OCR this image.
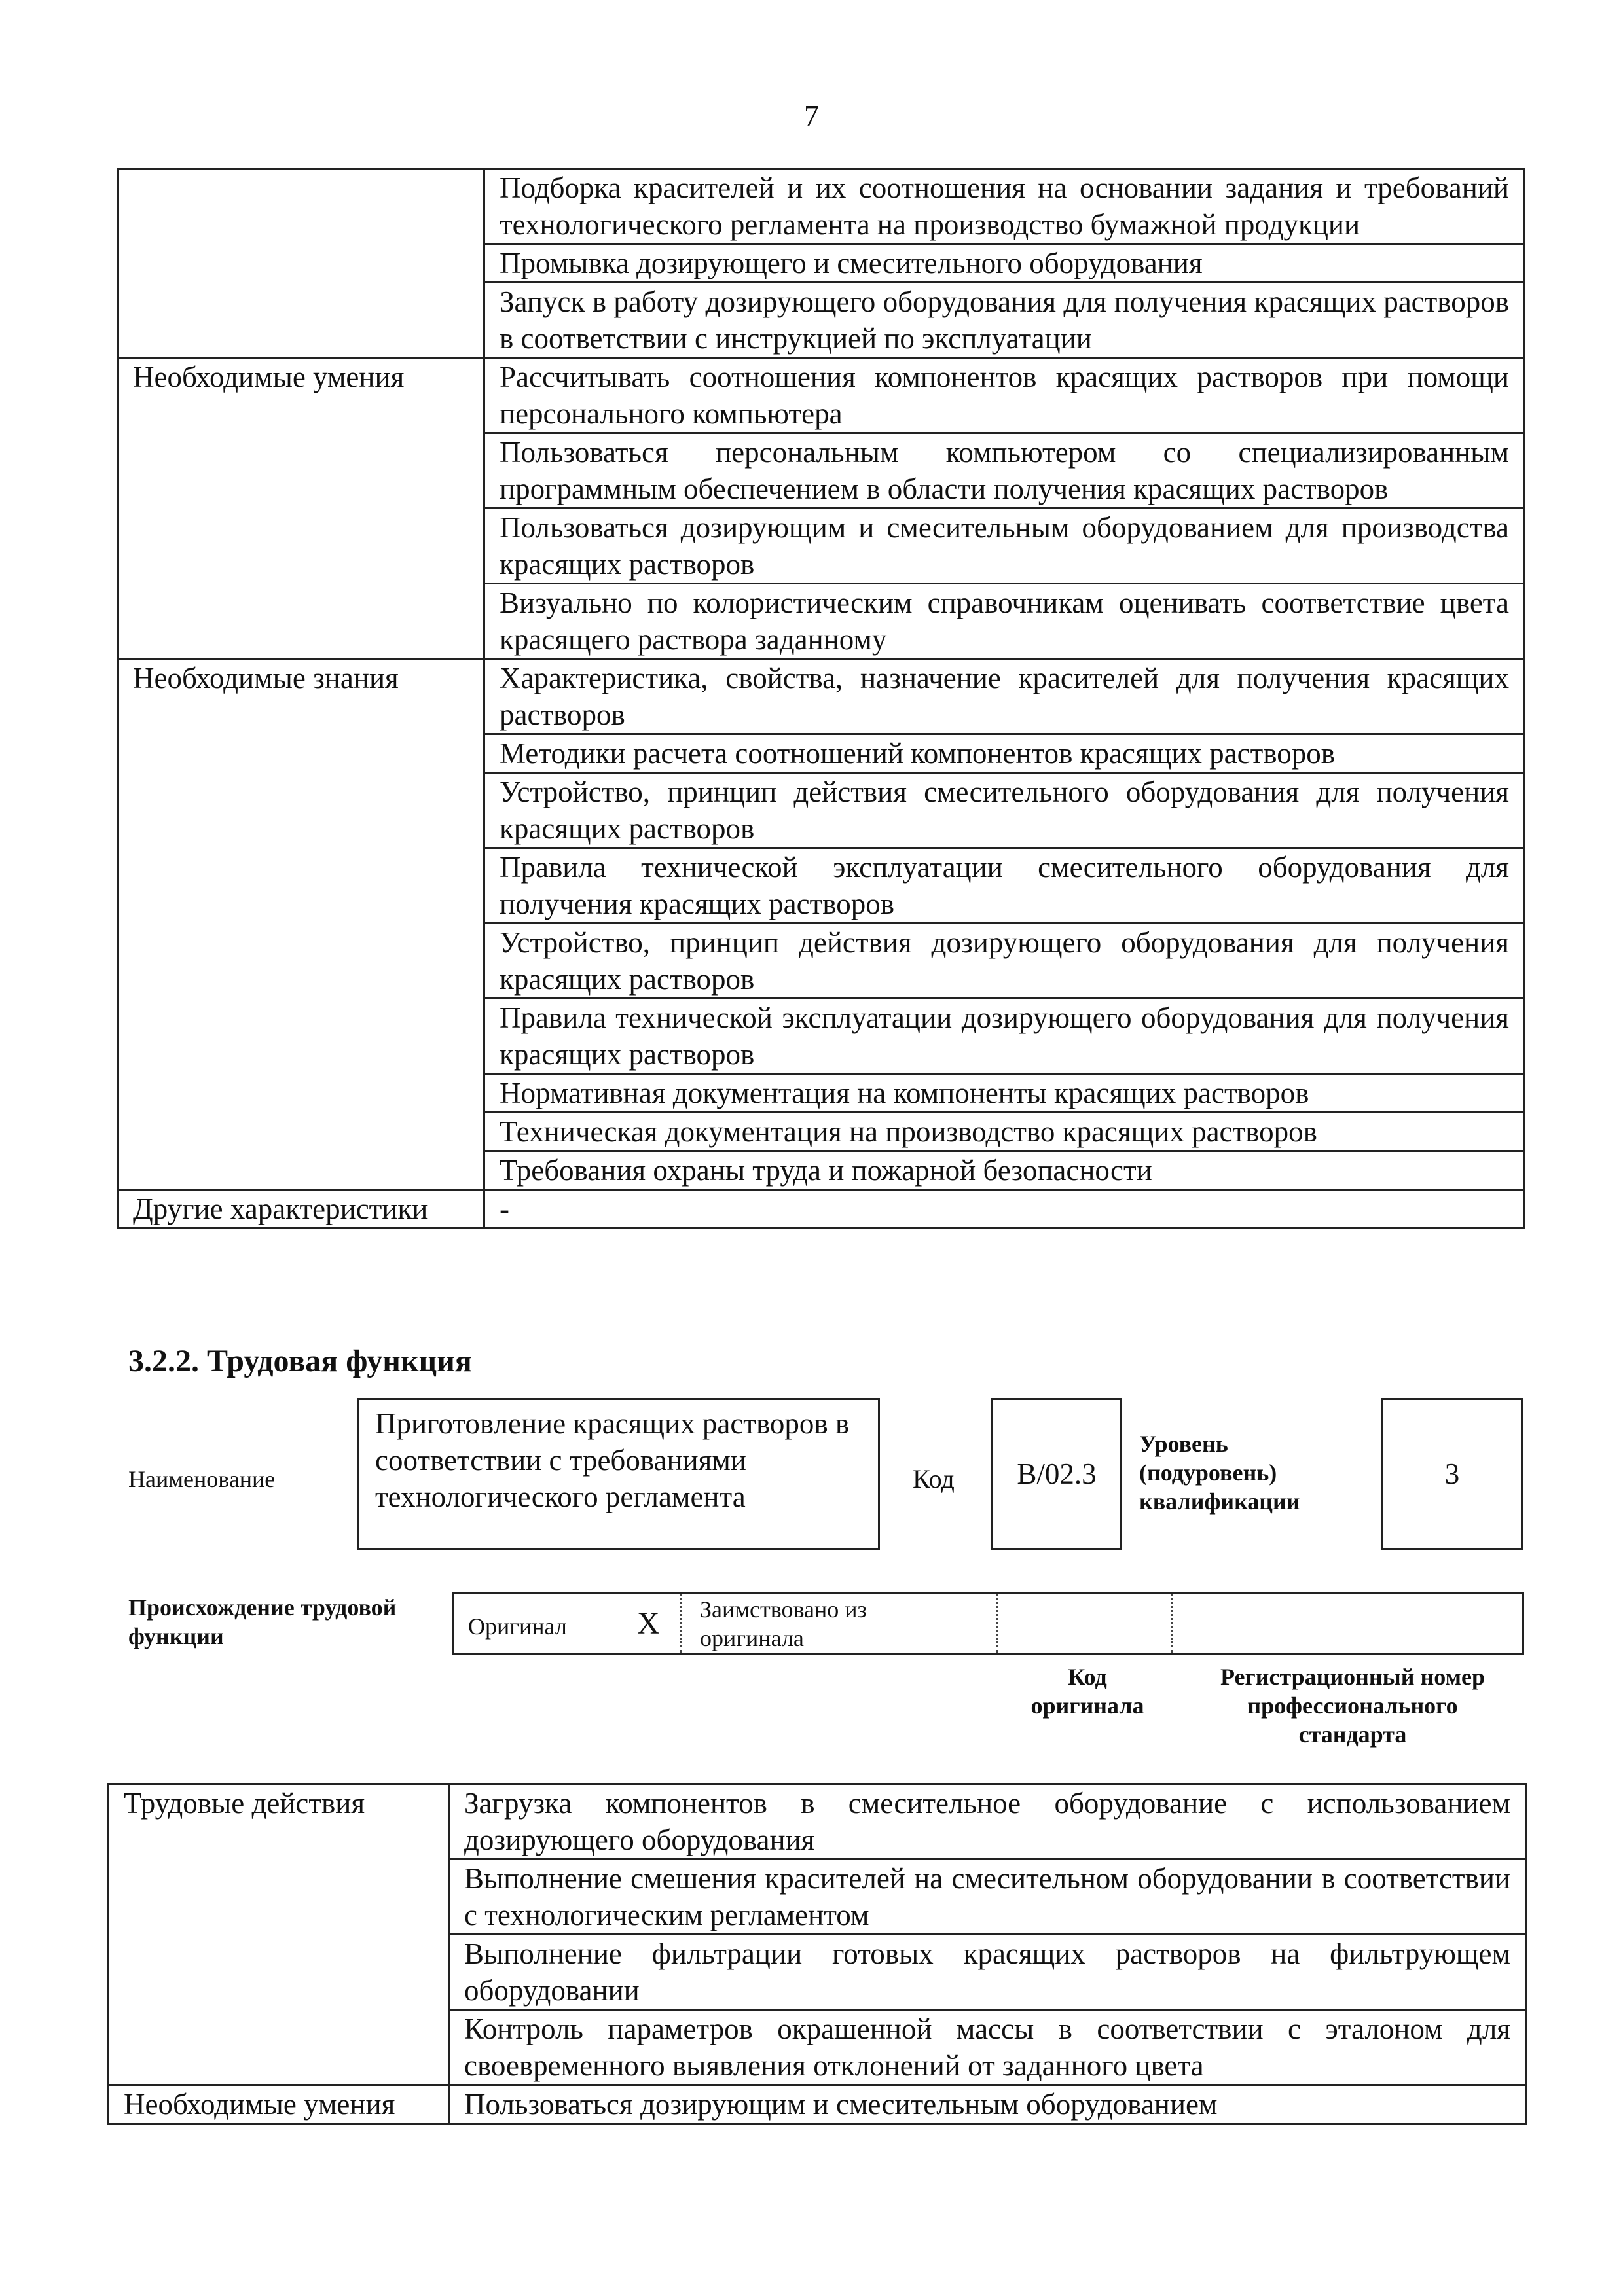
7
	Подборка красителей и их соотношения на основании задания и требований технологического регламента на производство бумажной продукции
	Промывка дозирующего и смесительного оборудования
	Запуск в работу дозирующего оборудования для получения красящих растворов в соответствии с инструкцией по эксплуатации
Необходимые умения	Рассчитывать соотношения компонентов красящих растворов при помощи персонального компьютера
	Пользоваться персональным компьютером со специализированным программным обеспечением в области получения красящих растворов
	Пользоваться дозирующим и смесительным оборудованием для производства красящих растворов
	Визуально по колористическим справочникам оценивать соответствие цвета красящего раствора заданному
Необходимые знания	Характеристика, свойства, назначение красителей для получения красящих растворов
	Методики расчета соотношений компонентов красящих растворов
	Устройство, принцип действия смесительного оборудования для получения красящих растворов
	Правила технической эксплуатации смесительного оборудования для получения красящих растворов
	Устройство, принцип действия дозирующего оборудования для получения красящих растворов
	Правила технической эксплуатации дозирующего оборудования для получения красящих растворов
	Нормативная документация на компоненты красящих растворов
	Техническая документация на производство красящих растворов
	Требования охраны труда и пожарной безопасности
Другие характеристики	-
3.2.2. Трудовая функция
Наименование
Приготовление красящих растворов в соответствии с требованиями технологического регламента
Код	B/02.3
Уровень (подуровень) квалификации
3
Происхождение трудовой функции	Оригинал X Заимствовано из оригинала
Код оригинала
Регистрационный номер профессионального стандарта
Трудовые действия	Загрузка компонентов в смесительное оборудование с использованием дозирующего оборудования
	Выполнение смешения красителей на смесительном оборудовании в соответствии с технологическим регламентом
	Выполнение фильтрации готовых красящих растворов на фильтрующем оборудовании
	Контроль параметров окрашенной массы в соответствии с эталоном для своевременного выявления отклонений от заданного цвета
Необходимые умения	Пользоваться дозирующим и смесительным оборудованием
